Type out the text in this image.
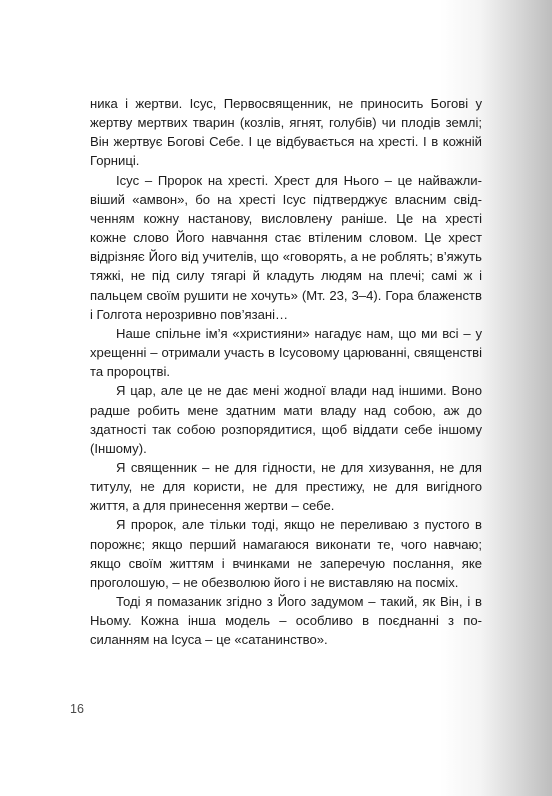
ника і жертви. Ісус, Первосвященник, не приносить Богові у жертву мертвих тварин (козлів, ягнят, голубів) чи плодів землі; Він жертвує Богові Себе. І це відбувається на хресті. І в кожній Горниці.

Ісус – Пророк на хресті. Хрест для Нього – це найважливіший «амвон», бо на хресті Ісус підтверджує власним свідченням кожну настанову, висловлену раніше. Це на хресті кожне слово Його навчання стає втіленим словом. Це хрест відрізняє Його від учителів, що «говорять, а не роблять; в’яжуть тяжкі, не під силу тягарі й кладуть людям на плечі; самі ж і пальцем своїм рушити не хочуть» (Мт. 23, 3–4). Гора блаженств і Голгота нерозривно пов’язані…

Наше спільне ім’я «християни» нагадує нам, що ми всі – у хрещенні – отримали участь в Ісусовому царюванні, священстві та пророцтві.

Я цар, але це не дає мені жодної влади над іншими. Воно радше робить мене здатним мати владу над собою, аж до здатності так собою розпорядитися, щоб віддати себе іншому (Іншому).

Я священник – не для гідности, не для хизування, не для титулу, не для користи, не для престижу, не для вигідного життя, а для принесення жертви – себе.

Я пророк, але тільки тоді, якщо не переливаю з пустого в порожнє; якщо перший намагаюся виконати те, чого навчаю; якщо своїм життям і вчинками не заперечую послання, яке проголошую, – не обезволюю його і не виставляю на посміх.

Тоді я помазаник згідно з Його задумом – такий, як Він, і в Ньому. Кожна інша модель – особливо в поєднанні з посиланням на Ісуса – це «сатанинство».

16
